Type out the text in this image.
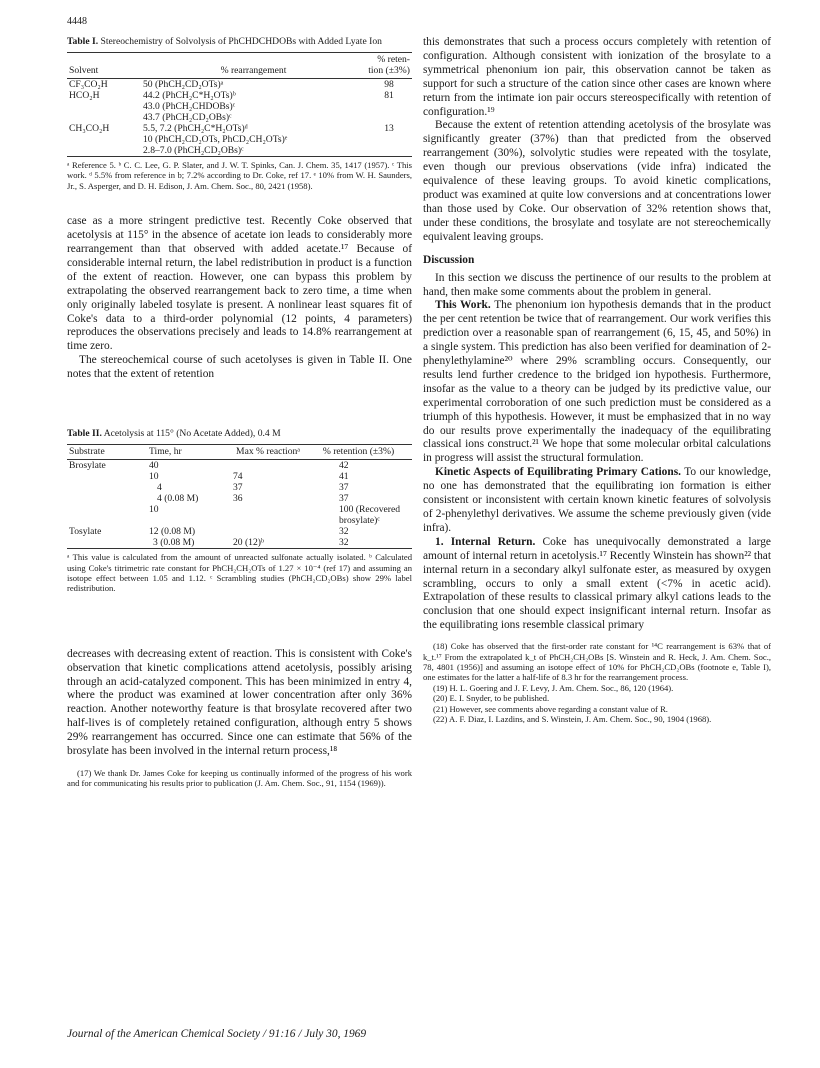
4448
Table I. Stereochemistry of Solvolysis of PhCHDCHDOBs with Added Lyate Ion
Solvent	% rearrangement	% reten- tion (±3%)
CF₃CO₂H	50 (PhCH₂CD₂OTs)ᵃ	98
HCO₂H	44.2 (PhCH₂C*H₂OTs)ᵇ	81
	43.0 (PhCH₂CHDOBs)ᶜ	
	43.7 (PhCH₂CD₂OBs)ᶜ	
CH₃CO₂H	5.5, 7.2 (PhCH₂C*H₂OTs)ᵈ	13
	10 (PhCH₂CD₂OTs, PhCD₂CH₂OTs)ᵉ	
	2.8–7.0 (PhCH₂CD₂OBs)ᶜ	

ᵃ Reference 5. ᵇ C. C. Lee, G. P. Slater, and J. W. T. Spinks, Can. J. Chem. 35, 1417 (1957). ᶜ This work. ᵈ 5.5% from reference in b; 7.2% according to Dr. Coke, ref 17. ᵉ 10% from W. H. Saunders, Jr., S. Asperger, and D. H. Edison, J. Am. Chem. Soc., 80, 2421 (1958).

case as a more stringent predictive test. Recently Coke observed that acetolysis at 115° in the absence of acetate ion leads to considerably more rearrangement than that observed with added acetate.¹⁷ Because of considerable internal return, the label redistribution in product is a function of the extent of reaction. However, one can bypass this problem by extrapolating the observed rearrangement back to zero time, a time when only originally labeled tosylate is present. A nonlinear least squares fit of Coke's data to a third-order polynomial (12 points, 4 parameters) reproduces the observations precisely and leads to 14.8% rearrangement at time zero.

The stereochemical course of such acetolyses is given in Table II. One notes that the extent of retention

Table II. Acetolysis at 115° (No Acetate Added), 0.4 M
Substrate	Time, hr	Max % reactionᵃ	% retention (±3%)
Brosylate	40		42
	10	74	41
	4	37	37
	4 (0.08 M)	36	37
	10		100 (Recovered brosylate)ᶜ
Tosylate	12 (0.08 M)		32
	3 (0.08 M)	20 (12)ᵇ	32

ᵃ This value is calculated from the amount of unreacted sulfonate actually isolated. ᵇ Calculated using Coke's titrimetric rate constant for PhCH₂CH₂OTs of 1.27 × 10⁻⁴ (ref 17) and assuming an isotope effect between 1.05 and 1.12. ᶜ Scrambling studies (PhCH₂CD₂OBs) show 29% label redistribution.

decreases with decreasing extent of reaction. This is consistent with Coke's observation that kinetic complications attend acetolysis, possibly arising through an acid-catalyzed component. This has been minimized in entry 4, where the product was examined at lower concentration after only 36% reaction. Another noteworthy feature is that brosylate recovered after two half-lives is of completely retained configuration, although entry 5 shows 29% rearrangement has occurred. Since one can estimate that 56% of the brosylate has been involved in the internal return process,¹⁸

(17) We thank Dr. James Coke for keeping us continually informed of the progress of his work and for communicating his results prior to publication (J. Am. Chem. Soc., 91, 1154 (1969)).

this demonstrates that such a process occurs completely with retention of configuration. Although consistent with ionization of the brosylate to a symmetrical phenonium ion pair, this observation cannot be taken as support for such a structure of the cation since other cases are known where return from the intimate ion pair occurs stereospecifically with retention of configuration.¹⁹

Because the extent of retention attending acetolysis of the brosylate was significantly greater (37%) than that predicted from the observed rearrangement (30%), solvolytic studies were repeated with the tosylate, even though our previous observations (vide infra) indicated the equivalence of these leaving groups. To avoid kinetic complications, product was examined at quite low conversions and at concentrations lower than those used by Coke. Our observation of 32% retention shows that, under these conditions, the brosylate and tosylate are not stereochemically equivalent leaving groups.

Discussion

In this section we discuss the pertinence of our results to the problem at hand, then make some comments about the problem in general.

This Work. The phenonium ion hypothesis demands that in the product the per cent retention be twice that of rearrangement. Our work verifies this prediction over a reasonable span of rearrangement (6, 15, 45, and 50%) in a single system. This prediction has also been verified for deamination of 2-phenylethylamine²⁰ where 29% scrambling occurs. Consequently, our results lend further credence to the bridged ion hypothesis. Furthermore, insofar as the value to a theory can be judged by its predictive value, our experimental corroboration of one such prediction must be considered as a triumph of this hypothesis. However, it must be emphasized that in no way do our results prove experimentally the inadequacy of the equilibrating classical ions construct.²¹ We hope that some molecular orbital calculations in progress will assist the structural formulation.

Kinetic Aspects of Equilibrating Primary Cations. To our knowledge, no one has demonstrated that the equilibrating ion formation is either consistent or inconsistent with certain known kinetic features of solvolysis of 2-phenylethyl derivatives. We assume the scheme previously given (vide infra).

1. Internal Return. Coke has unequivocally demonstrated a large amount of internal return in acetolysis.¹⁷ Recently Winstein has shown²² that internal return in a secondary alkyl sulfonate ester, as measured by oxygen scrambling, occurs to only a small extent (<7% in acetic acid). Extrapolation of these results to classical primary alkyl cations leads to the conclusion that one should expect insignificant internal return. Insofar as the equilibrating ions resemble classical primary

(18) Coke has observed that the first-order rate constant for ¹⁴C rearrangement is 63% that of k_t.¹⁷ From the extrapolated k_t of PhCH₂CH₂OBs [S. Winstein and R. Heck, J. Am. Chem. Soc., 78, 4801 (1956)] and assuming an isotope effect of 10% for PhCH₂CD₂OBs (footnote e, Table I), one estimates for the latter a half-life of 8.3 hr for the rearrangement process.

(19) H. L. Goering and J. F. Levy, J. Am. Chem. Soc., 86, 120 (1964).

(20) E. I. Snyder, to be published.

(21) However, see comments above regarding a constant value of R.

(22) A. F. Diaz, I. Lazdins, and S. Winstein, J. Am. Chem. Soc., 90, 1904 (1968).

Journal of the American Chemical Society / 91:16 / July 30, 1969
